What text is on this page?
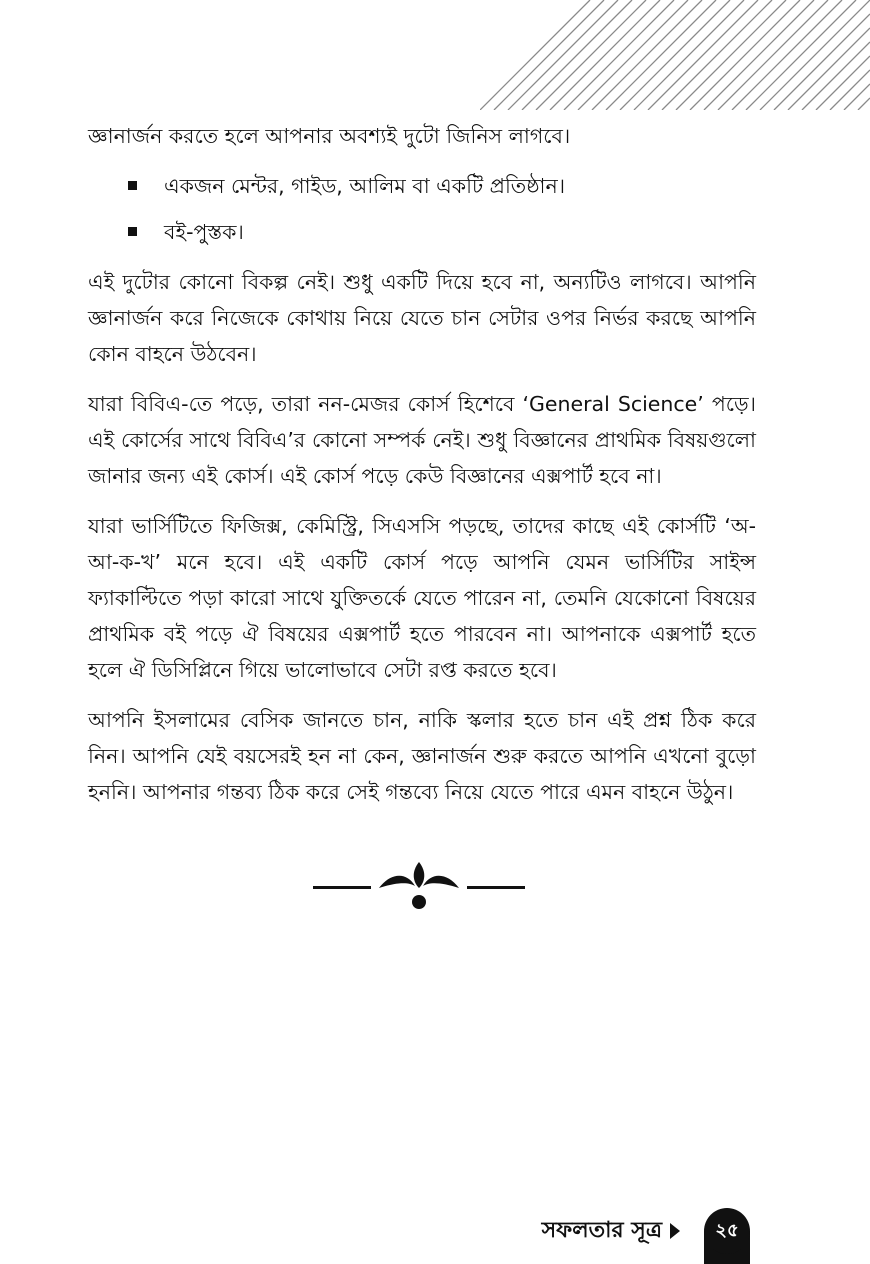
জ্ঞানার্জন করতে হলে আপনার অবশ্যই দুটো জিনিস লাগবে।

একজন মেন্টর, গাইড, আলিম বা একটি প্রতিষ্ঠান।
বই-পুস্তক।

এই দুটোর কোনো বিকল্প নেই। শুধু একটি দিয়ে হবে না, অন্যটিও লাগবে। আপনি জ্ঞানার্জন করে নিজেকে কোথায় নিয়ে যেতে চান সেটার ওপর নির্ভর করছে আপনি কোন বাহনে উঠবেন।

যারা বিবিএ-তে পড়ে, তারা নন-মেজর কোর্স হিশেবে ‘General Science’ পড়ে। এই কোর্সের সাথে বিবিএ’র কোনো সম্পর্ক নেই। শুধু বিজ্ঞানের প্রাথমিক বিষয়গুলো জানার জন্য এই কোর্স। এই কোর্স পড়ে কেউ বিজ্ঞানের এক্সপার্ট হবে না।

যারা ভার্সিটিতে ফিজিক্স, কেমিস্ট্রি, সিএসসি পড়ছে, তাদের কাছে এই কোর্সটি ‘অ-আ-ক-খ’ মনে হবে। এই একটি কোর্স পড়ে আপনি যেমন ভার্সিটির সাইন্স ফ্যাকাল্টিতে পড়া কারো সাথে যুক্তিতর্কে যেতে পারেন না, তেমনি যেকোনো বিষয়ের প্রাথমিক বই পড়ে ঐ বিষয়ের এক্সপার্ট হতে পারবেন না। আপনাকে এক্সপার্ট হতে হলে ঐ ডিসিপ্লিনে গিয়ে ভালোভাবে সেটা রপ্ত করতে হবে।

আপনি ইসলামের বেসিক জানতে চান, নাকি স্কলার হতে চান এই প্রশ্ন ঠিক করে নিন। আপনি যেই বয়সেরই হন না কেন, জ্ঞানার্জন শুরু করতে আপনি এখনো বুড়ো হননি। আপনার গন্তব্য ঠিক করে সেই গন্তব্যে নিয়ে যেতে পারে এমন বাহনে উঠুন।

সফলতার সূত্র	২৫
